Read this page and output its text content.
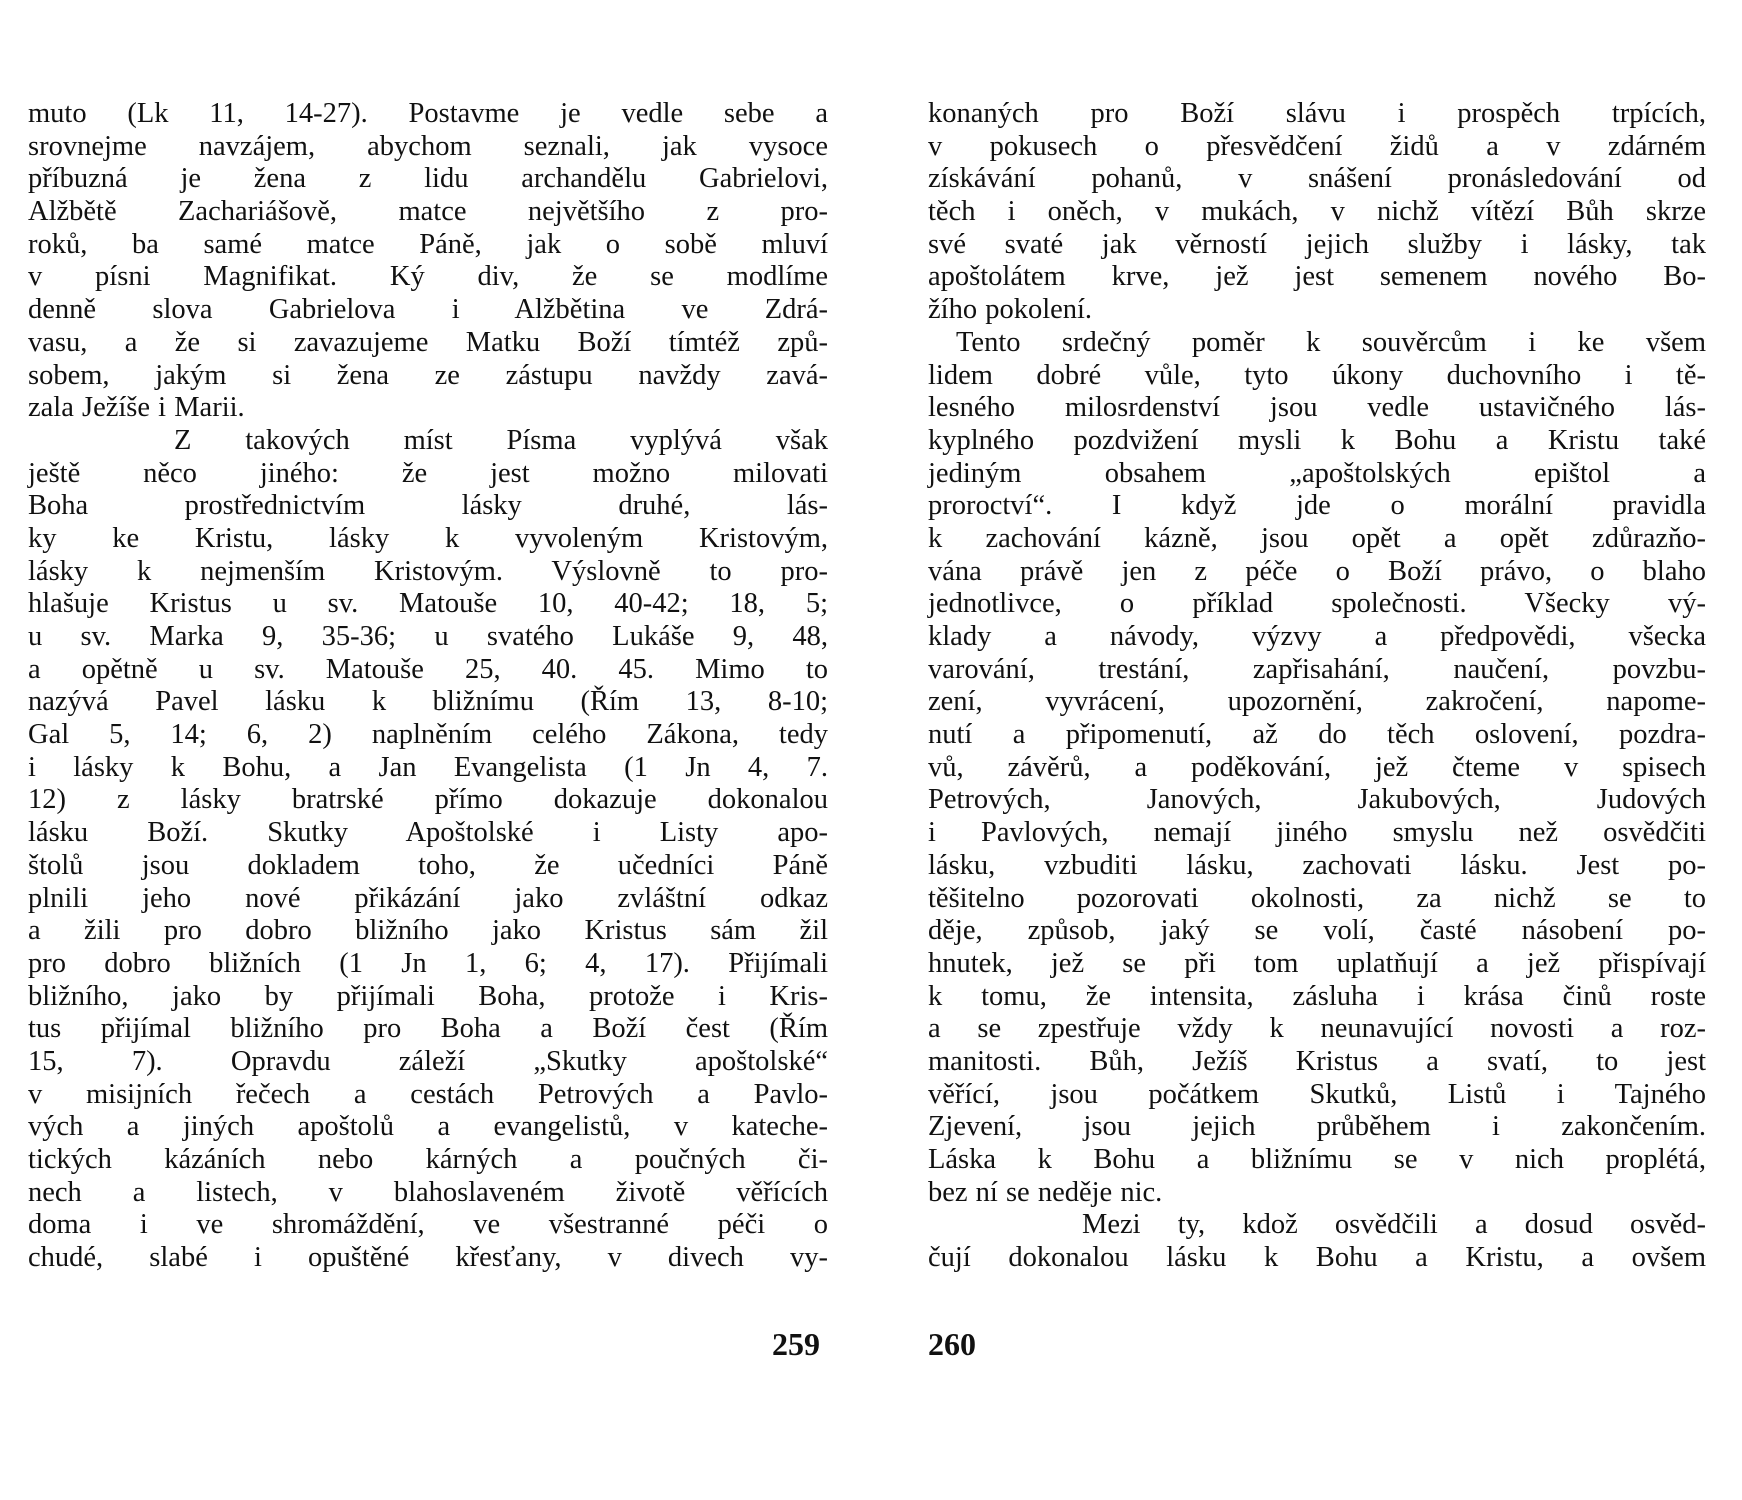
muto (Lk 11, 14-27). Postavme je vedle sebe a
srovnejme navzájem, abychom seznali, jak vysoce
příbuzná je žena z lidu archandělu Gabrielovi,
Alžbětě Zachariášově, matce největšího z pro-
roků, ba samé matce Páně, jak o sobě mluví
v písni Magnifikat. Ký div, že se modlíme
denně slova Gabrielova i Alžbětina ve Zdrá-
vasu, a že si zavazujeme Matku Boží tímtéž způ-
sobem, jakým si žena ze zástupu navždy zavá-
zala Ježíše i Marii.
Z takových míst Písma vyplývá však
ještě něco jiného: že jest možno milovati
Boha prostřednictvím lásky druhé, lás-
ky ke Kristu, lásky k vyvoleným Kristovým,
lásky k nejmenším Kristovým. Výslovně to pro-
hlašuje Kristus u sv. Matouše 10, 40-42; 18, 5;
u sv. Marka 9, 35-36; u svatého Lukáše 9, 48,
a opětně u sv. Matouše 25, 40. 45. Mimo to
nazývá Pavel lásku k bližnímu (Řím 13, 8-10;
Gal 5, 14; 6, 2) naplněním celého Zákona, tedy
i lásky k Bohu, a Jan Evangelista (1 Jn 4, 7.
12) z lásky bratrské přímo dokazuje dokonalou
lásku Boží. Skutky Apoštolské i Listy apo-
štolů jsou dokladem toho, že učedníci Páně
plnili jeho nové přikázání jako zvláštní odkaz
a žili pro dobro bližního jako Kristus sám žil
pro dobro bližních (1 Jn 1, 6; 4, 17). Přijímali
bližního, jako by přijímali Boha, protože i Kris-
tus přijímal bližního pro Boha a Boží čest (Řím
15, 7). Opravdu záleží „Skutky apoštolské“
v misijních řečech a cestách Petrových a Pavlo-
vých a jiných apoštolů a evangelistů, v kateche-
tických kázáních nebo kárných a poučných či-
nech a listech, v blahoslaveném životě věřících
doma i ve shromáždění, ve všestranné péči o
chudé, slabé i opuštěné křesťany, v divech vy-
konaných pro Boží slávu i prospěch trpících,
v pokusech o přesvědčení židů a v zdárném
získávání pohanů, v snášení pronásledování od
těch i oněch, v mukách, v nichž vítězí Bůh skrze
své svaté jak věrností jejich služby i lásky, tak
apoštolátem krve, jež jest semenem nového Bo-
žího pokolení.
Tento srdečný poměr k souvěrcům i ke všem
lidem dobré vůle, tyto úkony duchovního i tě-
lesného milosrdenství jsou vedle ustavičného lás-
kyplného pozdvižení mysli k Bohu a Kristu také
jediným obsahem „apoštolských epištol a
proroctví“. I když jde o morální pravidla
k zachování kázně, jsou opět a opět zdůrazňo-
vána právě jen z péče o Boží právo, o blaho
jednotlivce, o příklad společnosti. Všecky vý-
klady a návody, výzvy a předpovědi, všecka
varování, trestání, zapřisahání, naučení, povzbu-
zení, vyvrácení, upozornění, zakročení, napome-
nutí a připomenutí, až do těch oslovení, pozdra-
vů, závěrů, a poděkování, jež čteme v spisech
Petrových, Janových, Jakubových, Judových
i Pavlových, nemají jiného smyslu než osvědčiti
lásku, vzbuditi lásku, zachovati lásku. Jest po-
těšitelno pozorovati okolnosti, za nichž se to
děje, způsob, jaký se volí, časté násobení po-
hnutek, jež se při tom uplatňují a jež přispívají
k tomu, že intensita, zásluha i krása činů roste
a se zpestřuje vždy k neunavující novosti a roz-
manitosti. Bůh, Ježíš Kristus a svatí, to jest
věřící, jsou počátkem Skutků, Listů i Tajného
Zjevení, jsou jejich průběhem i zakončením.
Láska k Bohu a bližnímu se v nich proplétá,
bez ní se neděje nic.
Mezi ty, kdož osvědčili a dosud osvěd-
čují dokonalou lásku k Bohu a Kristu, a ovšem
259	260
